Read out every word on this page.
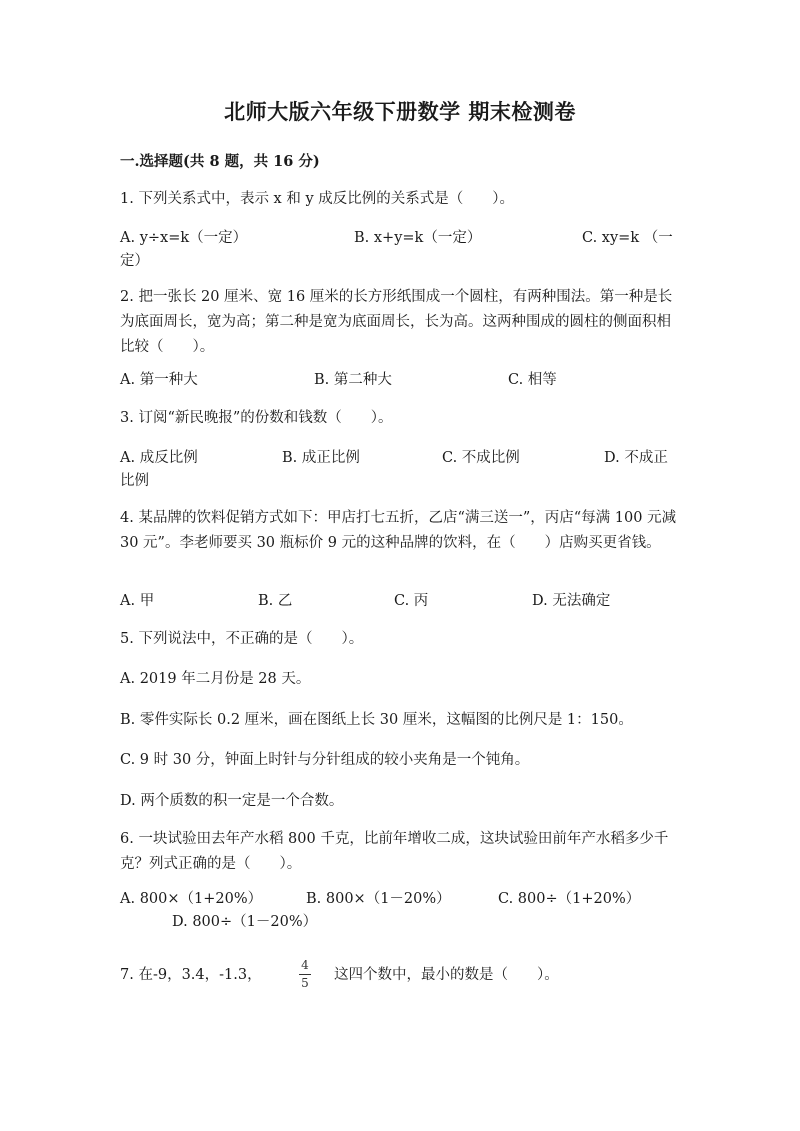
北师大版六年级下册数学 期末检测卷
一.选择题(共 8 题，共 16 分)
1. 下列关系式中，表示 x 和 y 成反比例的关系式是（　　）。
A. y÷x=k（一定）	B. x+y=k（一定）	C. xy=k （一
定）
2. 把一张长 20 厘米、宽 16 厘米的长方形纸围成一个圆柱，有两种围法。第一种是长为底面周长，宽为高；第二种是宽为底面周长，长为高。这两种围成的圆柱的侧面积相比较（　　）。
A. 第一种大	B. 第二种大	C. 相等
3. 订阅“新民晚报”的份数和钱数（　　）。
A. 成反比例	B. 成正比例	C. 不成比例	D. 不成正
比例
4. 某品牌的饮料促销方式如下：甲店打七五折，乙店“满三送一”，丙店“每满 100 元减 30 元”。李老师要买 30 瓶标价 9 元的这种品牌的饮料，在（　　）店购买更省钱。
A. 甲	B. 乙	C. 丙	D. 无法确定
5. 下列说法中，不正确的是（　　）。
A. 2019 年二月份是 28 天。
B. 零件实际长 0.2 厘米，画在图纸上长 30 厘米，这幅图的比例尺是 1：150。
C. 9 时 30 分，钟面上时针与分针组成的较小夹角是一个钝角。
D. 两个质数的积一定是一个合数。
6. 一块试验田去年产水稻 800 千克，比前年增收二成，这块试验田前年产水稻多少千克？列式正确的是（　　）。
A. 800×（1+20%）	B. 800×（1－20%）	C. 800÷（1+20%）
D. 800÷（1－20%）
7. 在-9，3.4，-1.3，
4
5	这四个数中，最小的数是（　　）。
